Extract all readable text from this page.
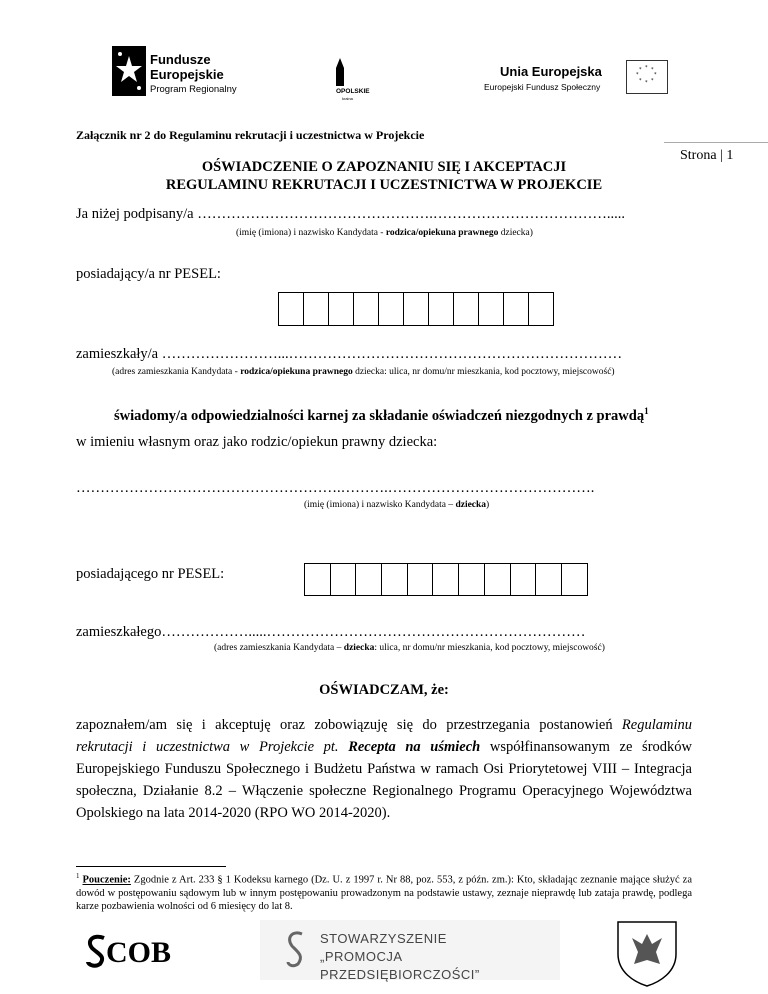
Fundusze
Europejskie
Program Regionalny	OPOLSKIE
kraina
Unia Europejska
Europejski Fundusz Społeczny
* *
*
*
*
*
*
*
Załącznik nr 2 do Regulaminu rekrutacji i uczestnictwa w Projekcie
Strona | 1
OŚWIADCZENIE O ZAPOZNANIU SIĘ I AKCEPTACJI
REGULAMINU REKRUTACJI I UCZESTNICTWA W PROJEKCIE
Ja niżej podpisany/a ………………………………………….……………………………….....
(imię (imiona) i nazwisko Kandydata - rodzica/opiekuna prawnego dziecka)
posiadający/a nr PESEL:
zamieszkały/a ……………………...……………………………………………………………
(adres zamieszkania Kandydata - rodzica/opiekuna prawnego dziecka: ulica, nr domu/nr mieszkania, kod pocztowy, miejscowość)
świadomy/a odpowiedzialności karnej za składanie oświadczeń niezgodnych z prawdą$^1$
w imieniu własnym oraz jako rodzic/opiekun prawny dziecka:
……………………………………………….……….…………………………………….
(imię (imiona) i nazwisko Kandydata – dziecka)
posiadającego nr PESEL:
zamieszkałego……………….....…………………………………………………………
(adres zamieszkania Kandydata – dziecka: ulica, nr domu/nr mieszkania, kod pocztowy, miejscowość)
OŚWIADCZAM, że:
zapoznałem/am się i akceptuję oraz zobowiązuję się do przestrzegania postanowień Regulaminu rekrutacji i uczestnictwa w Projekcie pt. Recepta na uśmiech współfinansowanym ze środków Europejskiego Funduszu Społecznego i Budżetu Państwa w ramach Osi Priorytetowej VIII – Integracja społeczna, Działanie 8.2 – Włączenie społeczne Regionalnego Programu Operacyjnego Województwa Opolskiego na lata 2014-2020 (RPO WO 2014-2020).
$^1$ Pouczenie: Zgodnie z Art. 233 § 1 Kodeksu karnego (Dz. U. z 1997 r. Nr 88, poz. 553, z późn. zm.): Kto, składając zeznanie mające służyć za dowód w postępowaniu sądowym lub w innym postępowaniu prowadzonym na podstawie ustawy, zeznaje nieprawdę lub zataja prawdę, podlega karze pozbawienia wolności od 6 miesięcy do lat 8.
COB	STOWARZYSZENIE
„PROMOCJA PRZEDSIĘBIORCZOŚCI”
